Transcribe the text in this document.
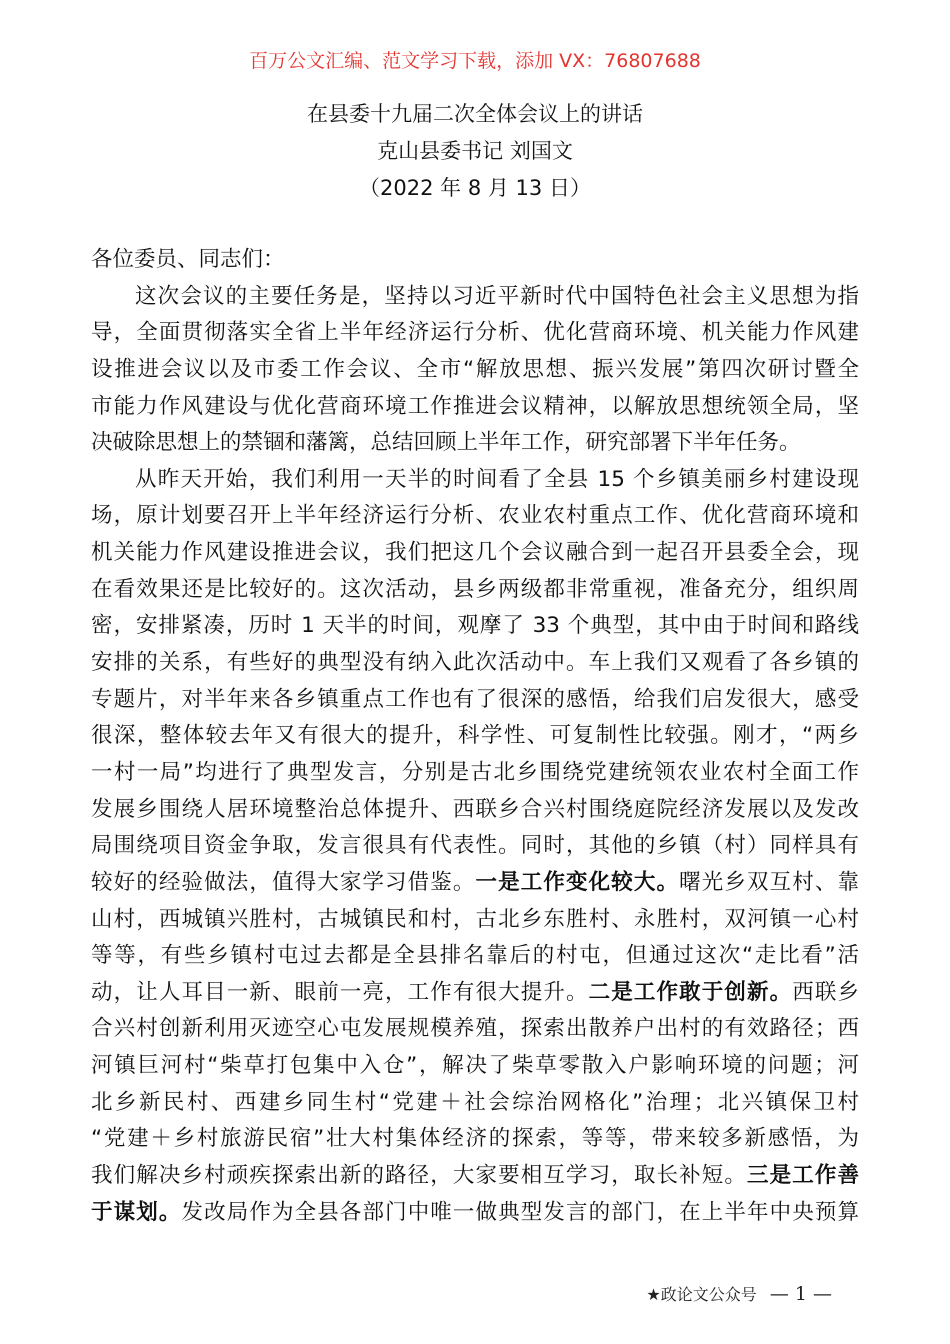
百万公文汇编、范文学习下载，添加 VX：76807688
在县委十九届二次全体会议上的讲话
克山县委书记 刘国文
（2022 年 8 月 13 日）
各位委员、同志们：
这次会议的主要任务是，坚持以习近平新时代中国特色社会主义思想为指
导，全面贯彻落实全省上半年经济运行分析、优化营商环境、机关能力作风建
设推进会议以及市委工作会议、全市“解放思想、振兴发展”第四次研讨暨全
市能力作风建设与优化营商环境工作推进会议精神，以解放思想统领全局，坚
决破除思想上的禁锢和藩篱，总结回顾上半年工作，研究部署下半年任务。
从昨天开始，我们利用一天半的时间看了全县 15 个乡镇美丽乡村建设现
场，原计划要召开上半年经济运行分析、农业农村重点工作、优化营商环境和
机关能力作风建设推进会议，我们把这几个会议融合到一起召开县委全会，现
在看效果还是比较好的。这次活动，县乡两级都非常重视，准备充分，组织周
密，安排紧凑，历时 1 天半的时间，观摩了 33 个典型，其中由于时间和路线
安排的关系，有些好的典型没有纳入此次活动中。车上我们又观看了各乡镇的
专题片，对半年来各乡镇重点工作也有了很深的感悟，给我们启发很大，感受
很深，整体较去年又有很大的提升，科学性、可复制性比较强。刚才，“两乡
一村一局”均进行了典型发言，分别是古北乡围绕党建统领农业农村全面工作
发展乡围绕人居环境整治总体提升、西联乡合兴村围绕庭院经济发展以及发改
局围绕项目资金争取，发言很具有代表性。同时，其他的乡镇（村）同样具有
较好的经验做法，值得大家学习借鉴。一是工作变化较大。曙光乡双互村、靠
山村，西城镇兴胜村，古城镇民和村，古北乡东胜村、永胜村，双河镇一心村
等等，有些乡镇村屯过去都是全县排名靠后的村屯，但通过这次“走比看”活
动，让人耳目一新、眼前一亮，工作有很大提升。二是工作敢于创新。西联乡
合兴村创新利用灭迹空心屯发展规模养殖，探索出散养户出村的有效路径；西
河镇巨河村“柴草打包集中入仓”，解决了柴草零散入户影响环境的问题；河
北乡新民村、西建乡同生村“党建＋社会综治网格化”治理；北兴镇保卫村
“党建＋乡村旅游民宿”壮大村集体经济的探索，等等，带来较多新感悟，为
我们解决乡村顽疾探索出新的路径，大家要相互学习，取长补短。三是工作善
于谋划。发改局作为全县各部门中唯一做典型发言的部门，在上半年中央预算
★政论文公众号 — 1 —
